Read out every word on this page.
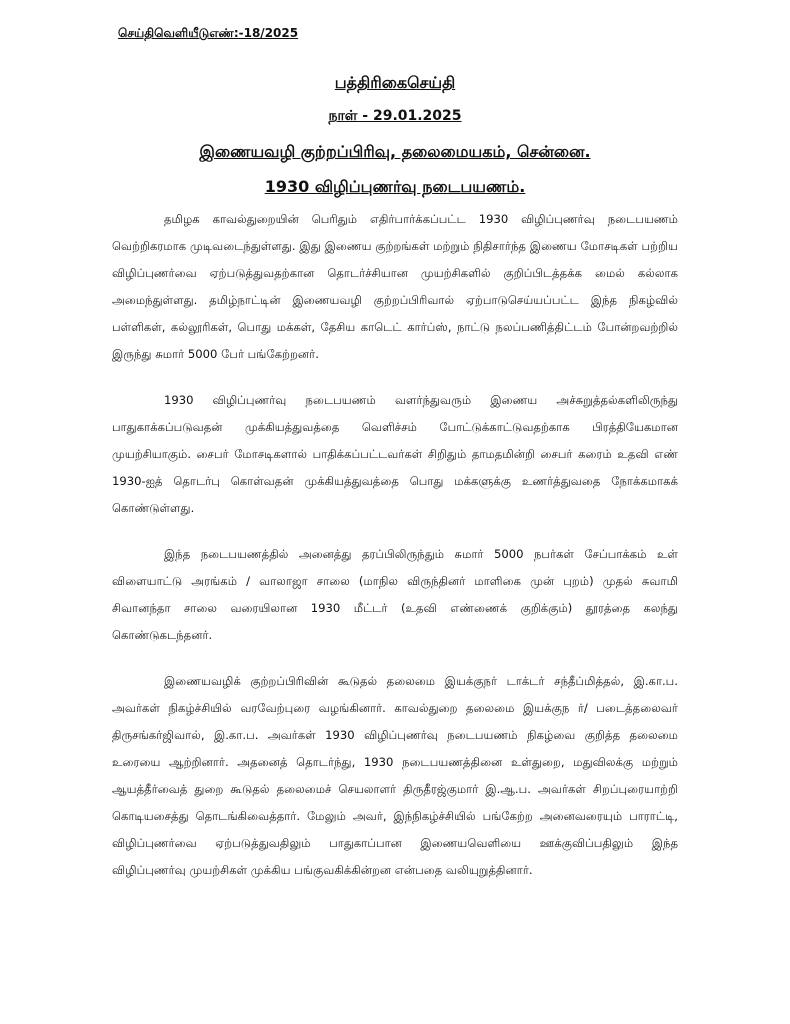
செய்திவெளியீடுஎண்:-18/2025
பத்திரிகைசெய்தி
நாள் - 29.01.2025
இணையவழி குற்றப்பிரிவு, தலைமையகம், சென்னை.
1930 விழிப்புணர்வு நடைபயணம்.

தமிழக காவல்துறையின் பெரிதும் எதிர்பார்க்கப்பட்ட 1930 விழிப்புணர்வு நடைபயணம் வெற்றிகரமாக முடிவடைந்துள்ளது. இது இணைய குற்றங்கள் மற்றும் நிதிசார்ந்த இணைய மோசடிகள் பற்றிய விழிப்புணர்வை ஏற்படுத்துவதற்கான தொடர்ச்சியான முயற்சிகளில் குறிப்பிடத்தக்க மைல் கல்லாக அமைந்துள்ளது. தமிழ்நாட்டின் இணையவழி குற்றப்பிரிவால் ஏற்பாடுசெய்யப்பட்ட இந்த நிகழ்வில் பள்ளிகள், கல்லூரிகள், பொது மக்கள், தேசிய காடெட் கார்ப்ஸ், நாட்டு நலப்பணித்திட்டம் போன்றவற்றில் இருந்து சுமார் 5000 பேர் பங்கேற்றனர்.

1930 விழிப்புணர்வு நடைபயணம் வளர்ந்துவரும் இணைய அச்சுறுத்தல்களிலிருந்து பாதுகாக்கப்படுவதன் முக்கியத்துவத்தை வெளிச்சம் போட்டுக்காட்டுவதற்காக பிரத்தியேகமான முயற்சியாகும். சைபர் மோசடிகளால் பாதிக்கப்பட்டவர்கள் சிறிதும் தாமதமின்றி சைபர் கரைம் உதவி எண் 1930-ஐத் தொடர்பு கொள்வதன் முக்கியத்துவத்தை பொது மக்களுக்கு உணர்த்துவதை நோக்கமாகக் கொண்டுள்ளது.

இந்த நடைபயணத்தில் அனைத்து தரப்பிலிருந்தும் சுமார் 5000 நபர்கள் சேப்பாக்கம் உள் விளையாட்டு அரங்கம் / வாலாஜா சாலை (மாநில விருந்தினர் மாளிகை முன் புறம்) முதல் சுவாமி சிவானந்தா சாலை வரையிலான 1930 மீட்டர் (உதவி எண்ணைக் குறிக்கும்) தூரத்தை கலந்து கொண்டுகடந்தனர்.

இணையவழிக் குற்றப்பிரிவின் கூடுதல் தலைமை இயக்குநர் டாக்டர் சந்தீப்மித்தல், இ.கா.ப. அவர்கள் நிகழ்ச்சியில் வரவேற்புரை வழங்கினார். காவல்துறை தலைமை இயக்குந ர்/ படைத்தலைவர் திருசங்கர்ஜிவால், இ.கா.ப. அவர்கள் 1930 விழிப்புணர்வு நடைபயணம் நிகழ்வை குறித்த தலைமை உரையை ஆற்றினார். அதனைத் தொடர்ந்து, 1930 நடைபயணத்தினை உள்துறை, மதுவிலக்கு மற்றும் ஆயத்தீர்வைத் துறை கூடுதல் தலைமைச் செயலாளர் திருதீரஜ்குமார் இ.ஆ.ப. அவர்கள் சிறப்புரையாற்றி கொடியசைத்து தொடங்கிவைத்தார். மேலும் அவர், இந்நிகழ்ச்சியில் பங்கேற்ற அனைவரையும் பாராட்டி, விழிப்புணர்வை ஏற்படுத்துவதிலும் பாதுகாப்பான இணையவெளியை ஊக்குவிப்பதிலும் இந்த விழிப்புணர்வு முயற்சிகள் முக்கிய பங்குவகிக்கின்றன என்பதை வலியுறுத்தினார்.
